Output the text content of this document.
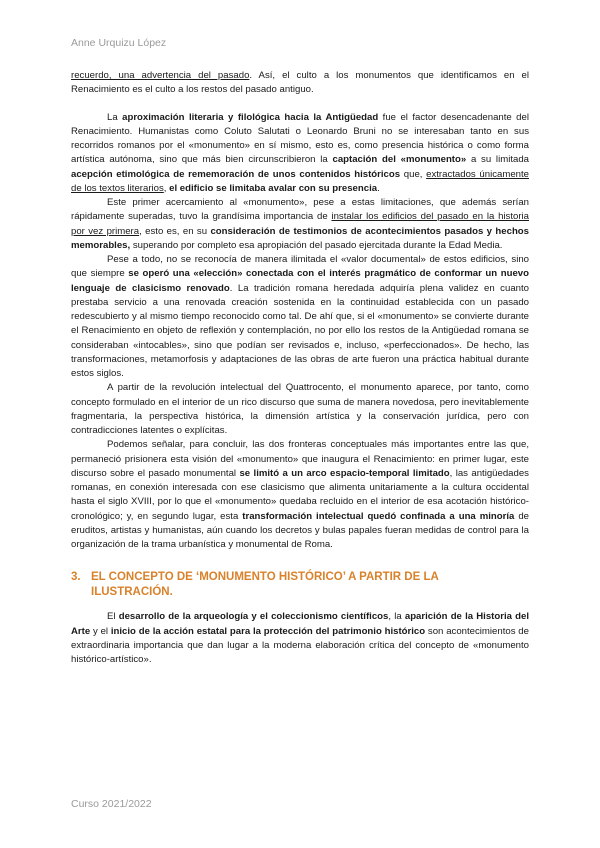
Anne Urquizu López

recuerdo, una advertencia del pasado. Así, el culto a los monumentos que identificamos en el Renacimiento es el culto a los restos del pasado antiguo.

La aproximación literaria y filológica hacia la Antigüedad fue el factor desencadenante del Renacimiento. Humanistas como Coluto Salutati o Leonardo Bruni no se interesaban tanto en sus recorridos romanos por el «monumento» en sí mismo, esto es, como presencia histórica o como forma artística autónoma, sino que más bien circunscribieron la captación del «monumento» a su limitada acepción etimológica de rememoración de unos contenidos históricos que, extractados únicamente de los textos literarios, el edificio se limitaba avalar con su presencia.

Este primer acercamiento al «monumento», pese a estas limitaciones, que además serían rápidamente superadas, tuvo la grandísima importancia de instalar los edificios del pasado en la historia por vez primera, esto es, en su consideración de testimonios de acontecimientos pasados y hechos memorables, superando por completo esa apropiación del pasado ejercitada durante la Edad Media.

Pese a todo, no se reconocía de manera ilimitada el «valor documental» de estos edificios, sino que siempre se operó una «elección» conectada con el interés pragmático de conformar un nuevo lenguaje de clasicismo renovado. La tradición romana heredada adquiría plena validez en cuanto prestaba servicio a una renovada creación sostenida en la continuidad establecida con un pasado redescubierto y al mismo tiempo reconocido como tal. De ahí que, si el «monumento» se convierte durante el Renacimiento en objeto de reflexión y contemplación, no por ello los restos de la Antigüedad romana se consideraban «intocables», sino que podían ser revisados e, incluso, «perfeccionados». De hecho, las transformaciones, metamorfosis y adaptaciones de las obras de arte fueron una práctica habitual durante estos siglos.

A partir de la revolución intelectual del Quattrocento, el monumento aparece, por tanto, como concepto formulado en el interior de un rico discurso que suma de manera novedosa, pero inevitablemente fragmentaria, la perspectiva histórica, la dimensión artística y la conservación jurídica, pero con contradicciones latentes o explícitas.

Podemos señalar, para concluir, las dos fronteras conceptuales más importantes entre las que, permaneció prisionera esta visión del «monumento» que inaugura el Renacimiento: en primer lugar, este discurso sobre el pasado monumental se limitó a un arco espacio-temporal limitado, las antigüedades romanas, en conexión interesada con ese clasicismo que alimenta unitariamente a la cultura occidental hasta el siglo XVIII, por lo que el «monumento» quedaba recluido en el interior de esa acotación histórico-cronológico; y, en segundo lugar, esta transformación intelectual quedó confinada a una minoría de eruditos, artistas y humanistas, aún cuando los decretos y bulas papales fueran medidas de control para la organización de la trama urbanística y monumental de Roma.

3. EL CONCEPTO DE ‘MONUMENTO HISTÓRICO’ A PARTIR DE LA
ILUSTRACIÓN.

El desarrollo de la arqueología y el coleccionismo científicos, la aparición de la Historia del Arte y el inicio de la acción estatal para la protección del patrimonio histórico son acontecimientos de extraordinaria importancia que dan lugar a la moderna elaboración crítica del concepto de «monumento histórico-artístico».

Curso 2021/2022
